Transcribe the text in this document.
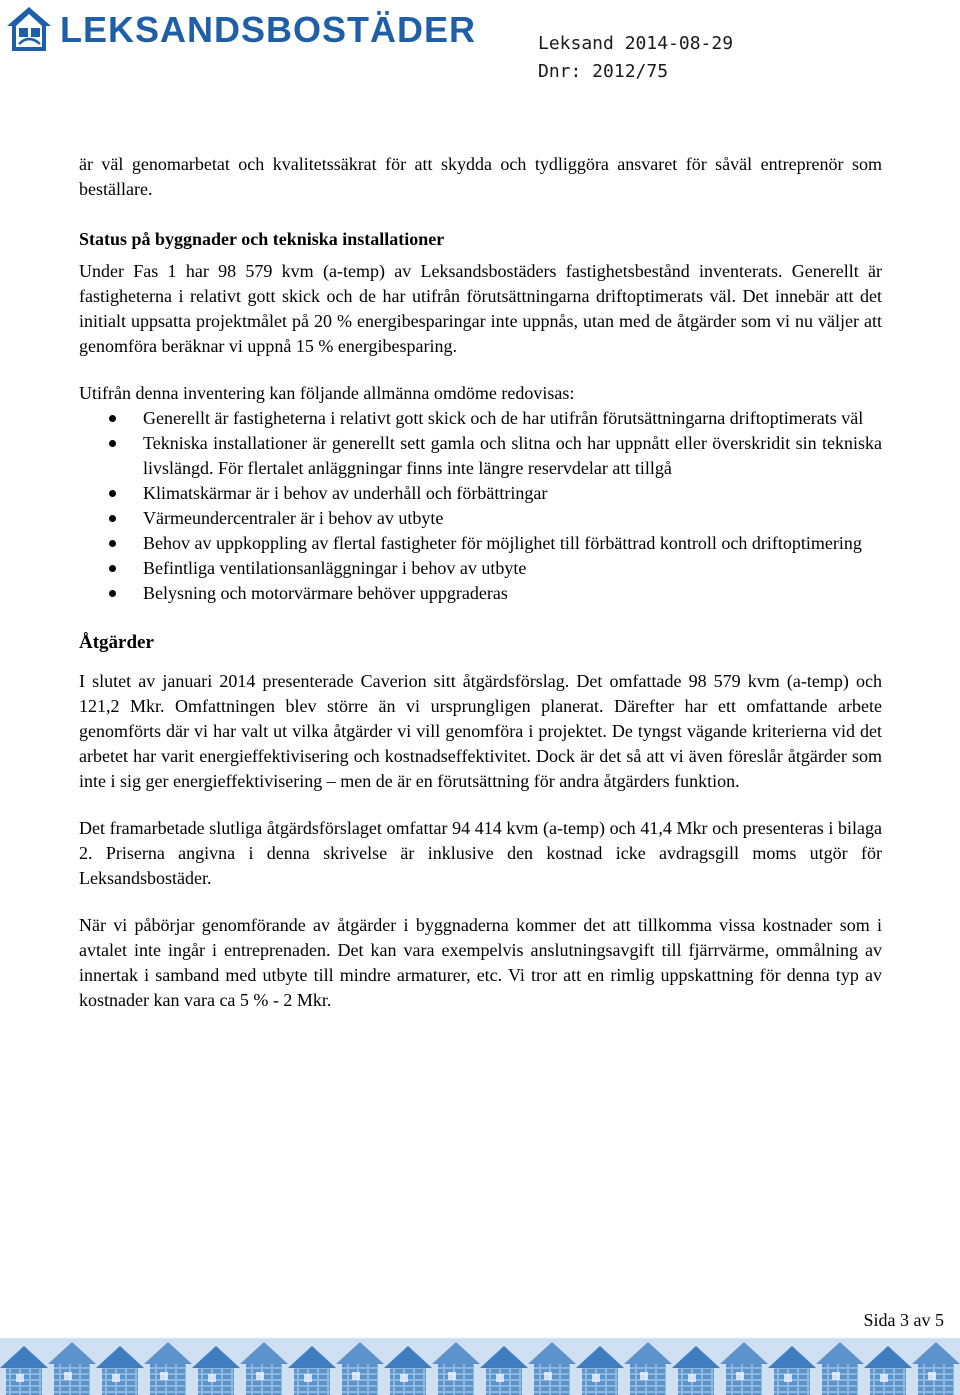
LEKSANDSBOSTÄDER	Leksand 2014-08-29
Dnr: 2012/75

är väl genomarbetat och kvalitetssäkrat för att skydda och tydliggöra ansvaret för såväl entreprenör som beställare.

Status på byggnader och tekniska installationer

Under Fas 1 har 98 579 kvm (a-temp) av Leksandsbostäders fastighetsbestånd inventerats. Generellt är fastigheterna i relativt gott skick och de har utifrån förutsättningarna driftoptimerats väl. Det innebär att det initialt uppsatta projektmålet på 20 % energibesparingar inte uppnås, utan med de åtgärder som vi nu väljer att genomföra beräknar vi uppnå 15 % energibesparing.

Utifrån denna inventering kan följande allmänna omdöme redovisas:

Generellt är fastigheterna i relativt gott skick och de har utifrån förutsättningarna driftoptimerats väl
Tekniska installationer är generellt sett gamla och slitna och har uppnått eller överskridit sin tekniska livslängd. För flertalet anläggningar finns inte längre reservdelar att tillgå
Klimatskärmar är i behov av underhåll och förbättringar
Värmeundercentraler är i behov av utbyte
Behov av uppkoppling av flertal fastigheter för möjlighet till förbättrad kontroll och driftoptimering
Befintliga ventilationsanläggningar i behov av utbyte
Belysning och motorvärmare behöver uppgraderas

Åtgärder

I slutet av januari 2014 presenterade Caverion sitt åtgärdsförslag. Det omfattade 98 579 kvm (a-temp) och 121,2 Mkr. Omfattningen blev större än vi ursprungligen planerat. Därefter har ett omfattande arbete genomförts där vi har valt ut vilka åtgärder vi vill genomföra i projektet. De tyngst vägande kriterierna vid det arbetet har varit energieffektivisering och kostnadseffektivitet. Dock är det så att vi även föreslår åtgärder som inte i sig ger energieffektivisering – men de är en förutsättning för andra åtgärders funktion.

Det framarbetade slutliga åtgärdsförslaget omfattar 94 414 kvm (a-temp) och 41,4 Mkr och presenteras i bilaga 2. Priserna angivna i denna skrivelse är inklusive den kostnad icke avdragsgill moms utgör för Leksandsbostäder.

När vi påbörjar genomförande av åtgärder i byggnaderna kommer det att tillkomma vissa kostnader som i avtalet inte ingår i entreprenaden. Det kan vara exempelvis anslutningsavgift till fjärrvärme, ommålning av innertak i samband med utbyte till mindre armaturer, etc. Vi tror att en rimlig uppskattning för denna typ av kostnader kan vara ca 5 % - 2 Mkr.

Sida 3 av 5
